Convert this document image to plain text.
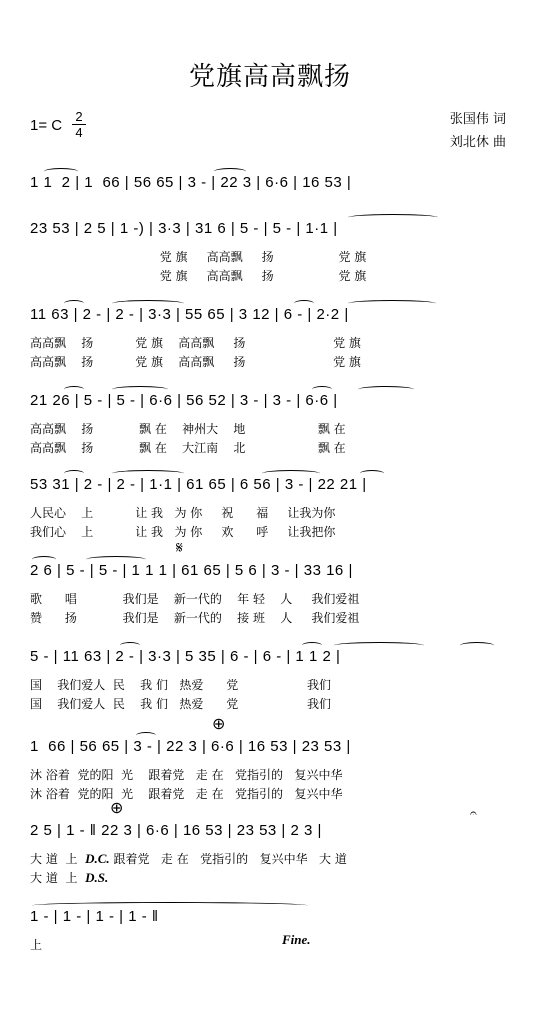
党旗高高飘扬
1= C
2
4
张国伟 词
刘北休 曲
1 1  2 | 1  66 | 56 65 | 3 - | 22 3 | 6·6 | 16 53 |
23 53 | 2 5 | 1 -) | 3·3 | 31 6 | 5 - | 5 - | 1·1 |
党 旗     高高飘     扬                 党 旗
党 旗     高高飘     扬                 党 旗
11 63 | 2 - | 2 - | 3·3 | 55 65 | 3 12 | 6 - | 2·2 |
高高飘    扬           党 旗    高高飘     扬                       党 旗
高高飘    扬           党 旗    高高飘     扬                       党 旗
21 26 | 5 - | 5 - | 6·6 | 56 52 | 3 - | 3 - | 6·6 |
高高飘    扬            飘 在    神州大    地                   飘 在
高高飘    扬            飘 在    大江南    北                   飘 在
53 31 | 2 - | 2 - | 1·1 | 61 65 | 6 56 | 3 - | 22 21 |
人民心    上           让 我   为 你     祝      福     让我为你
我们心    上           让 我   为 你     欢      呼     让我把你
𝄋
2 6 | 5 - | 5 - | 1 1 1 | 61 65 | 5 6 | 3 - | 33 16 |
歌      唱            我们是    新一代的    年 轻    人     我们爱祖
赞      扬            我们是    新一代的    接 班    人     我们爱祖
5 - | 11 63 | 2 - | 3·3 | 5 35 | 6 - | 6 - | 1 1 2 |
国    我们爱人  民    我 们   热爱      党                  我们
国    我们爱人  民    我 们   热爱      党                  我们
⊕
1  66 | 56 65 | 3 - | 22 3 | 6·6 | 16 53 | 23 53 |
沐 浴着  党的阳  光    跟着党   走 在   党指引的   复兴中华
沐 浴着  党的阳  光    跟着党   走 在   党指引的   复兴中华
⊕	𝄐
2 5 | 1 - ‖ 22 3 | 6·6 | 16 53 | 23 53 | 2 3 |
大 道  上  D.C. 跟着党   走 在   党指引的   复兴中华   大 道
大 道  上  D.S.
1 - | 1 - | 1 - | 1 - ‖
上	Fine.
